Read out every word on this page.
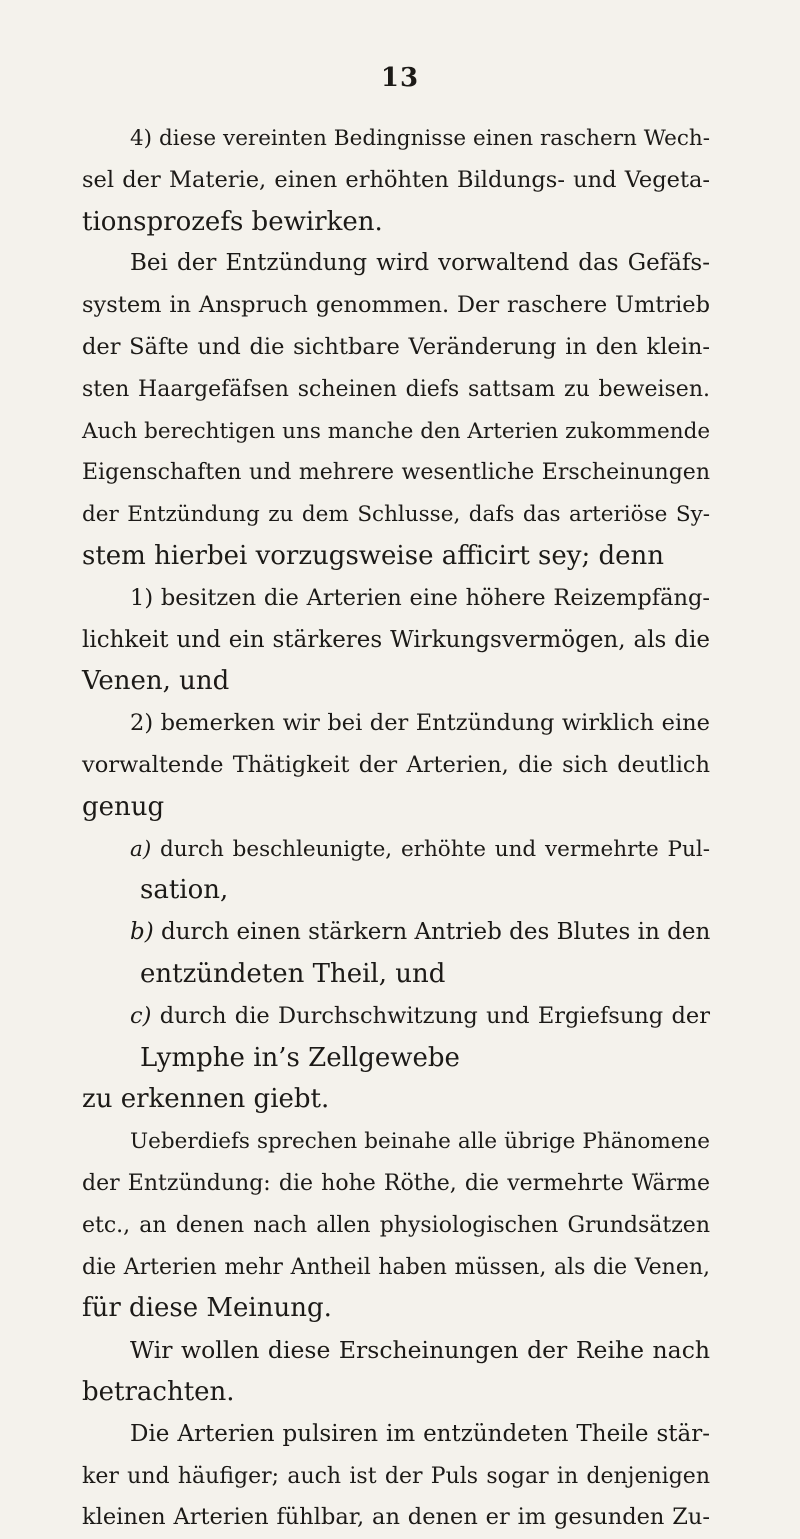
13
4) diese vereinten Bedingnisse einen raschern Wech-
sel der Materie, einen erhöhten Bildungs- und Vegeta-
tionsprozefs bewirken.
Bei der Entzündung wird vorwaltend das Gefäfs-
system in Anspruch genommen. Der raschere Umtrieb
der Säfte und die sichtbare Veränderung in den klein-
sten Haargefäfsen scheinen diefs sattsam zu beweisen.
Auch berechtigen uns manche den Arterien zukommende
Eigenschaften und mehrere wesentliche Erscheinungen
der Entzündung zu dem Schlusse, dafs das arteriöse Sy-
stem hierbei vorzugsweise afficirt sey; denn
1) besitzen die Arterien eine höhere Reizempfäng-
lichkeit und ein stärkeres Wirkungsvermögen, als die
Venen, und
2) bemerken wir bei der Entzündung wirklich eine
vorwaltende Thätigkeit der Arterien, die sich deutlich
genug
a) durch beschleunigte, erhöhte und vermehrte Pul-
sation,
b) durch einen stärkern Antrieb des Blutes in den
entzündeten Theil, und
c) durch die Durchschwitzung und Ergiefsung der
Lymphe in’s Zellgewebe
zu erkennen giebt.
Ueberdiefs sprechen beinahe alle übrige Phänomene
der Entzündung: die hohe Röthe, die vermehrte Wärme
etc., an denen nach allen physiologischen Grundsätzen
die Arterien mehr Antheil haben müssen, als die Venen,
für diese Meinung.
Wir wollen diese Erscheinungen der Reihe nach
betrachten.
Die Arterien pulsiren im entzündeten Theile stär-
ker und häufiger; auch ist der Puls sogar in denjenigen
kleinen Arterien fühlbar, an denen er im gesunden Zu-
